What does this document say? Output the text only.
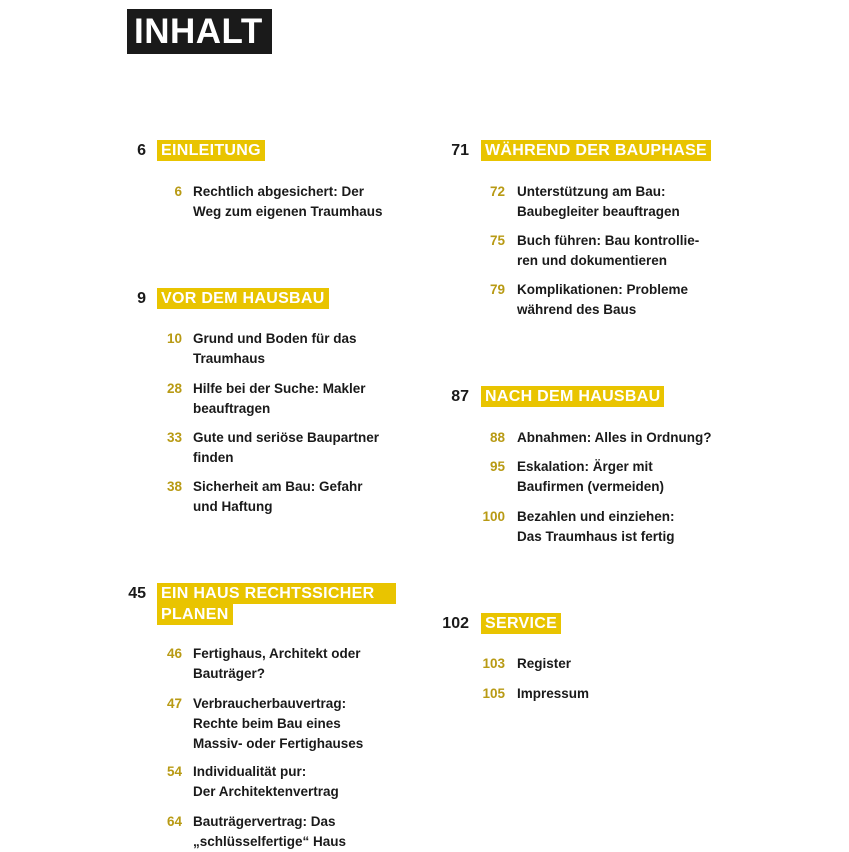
INHALT
6 EINLEITUNG
6 Rechtlich abgesichert: Der
Weg zum eigenen Traumhaus
9 VOR DEM HAUSBAU
10 Grund und Boden für das
Traumhaus
28 Hilfe bei der Suche: Makler
beauftragen
33 Gute und seriöse Baupartner
finden
38 Sicherheit am Bau: Gefahr
und Haftung
45 EIN HAUS RECHTSSICHER
PLANEN
46 Fertighaus, Architekt oder
Bauträger?
47 Verbraucherbauvertrag:
Rechte beim Bau eines
Massiv- oder Fertighauses
54 Individualität pur:
Der Architektenvertrag
64 Bauträgervertrag: Das
„schlüsselfertige“ Haus
71 WÄHREND DER BAUPHASE
72 Unterstützung am Bau:
Baubegleiter beauftragen
75 Buch führen: Bau kontrollie-
ren und dokumentieren
79 Komplikationen: Probleme
während des Baus
87 NACH DEM HAUSBAU
88 Abnahmen: Alles in Ordnung?
95 Eskalation: Ärger mit
Baufirmen (vermeiden)
100 Bezahlen und einziehen:
Das Traumhaus ist fertig
102 SERVICE
103 Register
105 Impressum
